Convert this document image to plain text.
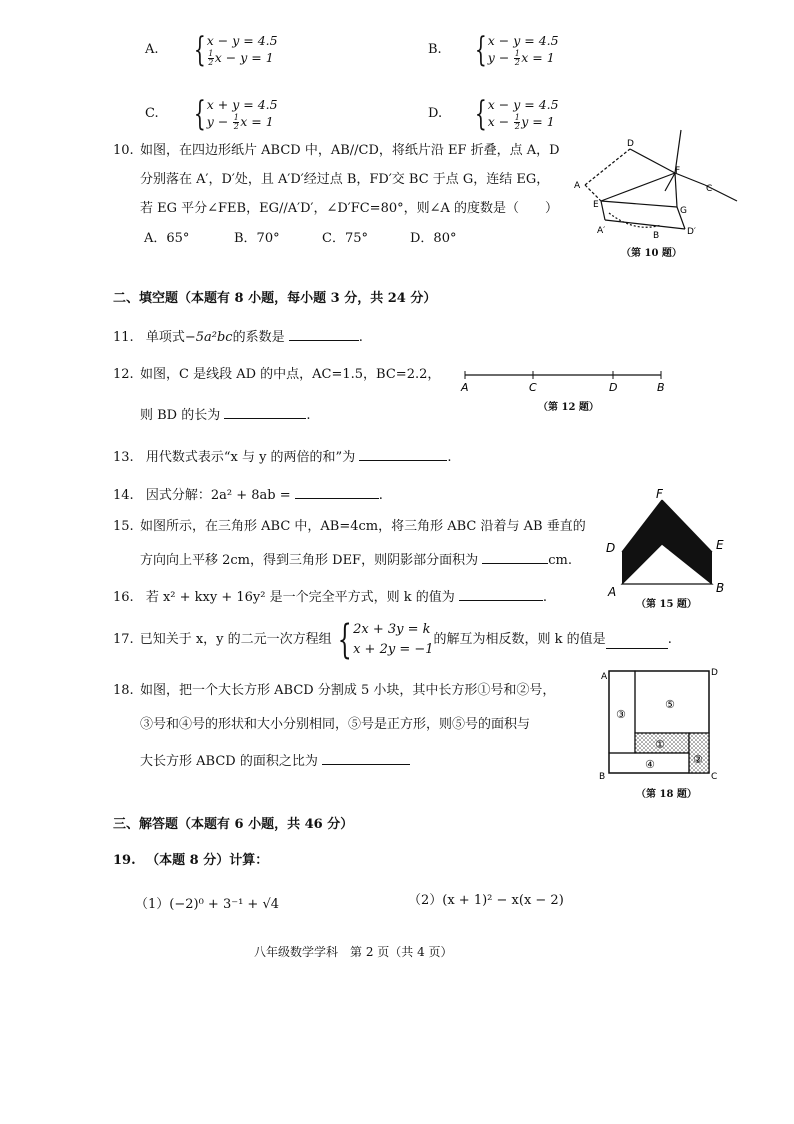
A. { x − y = 4.5
$\frac{1}{2}$ x − y = 1
B. { x − y = 4.5
$y - \frac{1}{2}$ x = 1
C. { x + y = 4.5
$y - \frac{1}{2}$ x = 1
D. { x − y = 4.5
$x - \frac{1}{2}$ y = 1
10. 如图，在四边形纸片 ABCD 中，AB//CD，将纸片沿 EF 折叠，点 A，D
分别落在 A′，D′处，且 A′D′经过点 B，FD′交 BC 于点 G，连结 EG，
若 EG 平分∠FEB，EG//A′D′，∠D′FC=80°，则∠A 的度数是（　　）
A．65°	B．70°	C．75°	D．80°
D
F
C
A
E
G
A′	B	D′
（第 10 题）
二、填空题（本题有 8 小题，每小题 3 分，共 24 分）
11. 单项式−5a²bc的系数是	.
12. 如图，C 是线段 AD 的中点，AC=1.5，BC=2.2，
则 BD 的长为	.
A	C	D	B
（第 12 题）
13. 用代数式表示“x 与 y 的两倍的和”为	.
14. 因式分解：2a² + 8ab =	.
15. 如图所示，在三角形 ABC 中，AB=4cm，将三角形 ABC 沿着与 AB 垂直的
方向向上平移 2cm，得到三角形 DEF，则阴影部分面积为	cm.
F
D	E
C
A	B
（第 15 题）
16. 若 x² + kxy + 16y² 是一个完全平方式，则 k 的值为	.
17. 已知关于 x，y 的二元一次方程组 { 2x + 3y = k
x + 2y = −1
的解互为相反数，则 k 的值是	.
18. 如图，把一个大长方形 ABCD 分割成 5 小块，其中长方形①号和②号，
③号和④号的形状和大小分别相同，⑤号是正方形，则⑤号的面积与
大长方形 ABCD 的面积之比为
A	D
B	C
③
⑤
①
②
④
（第 18 题）
三、解答题（本题有 6 小题，共 46 分）
19. （本题 8 分）计算：
（1）(−2)⁰ + 3⁻¹ + √4	（2）(x + 1)² − x(x − 2)
八年级数学学科　第 2 页（共 4 页）
